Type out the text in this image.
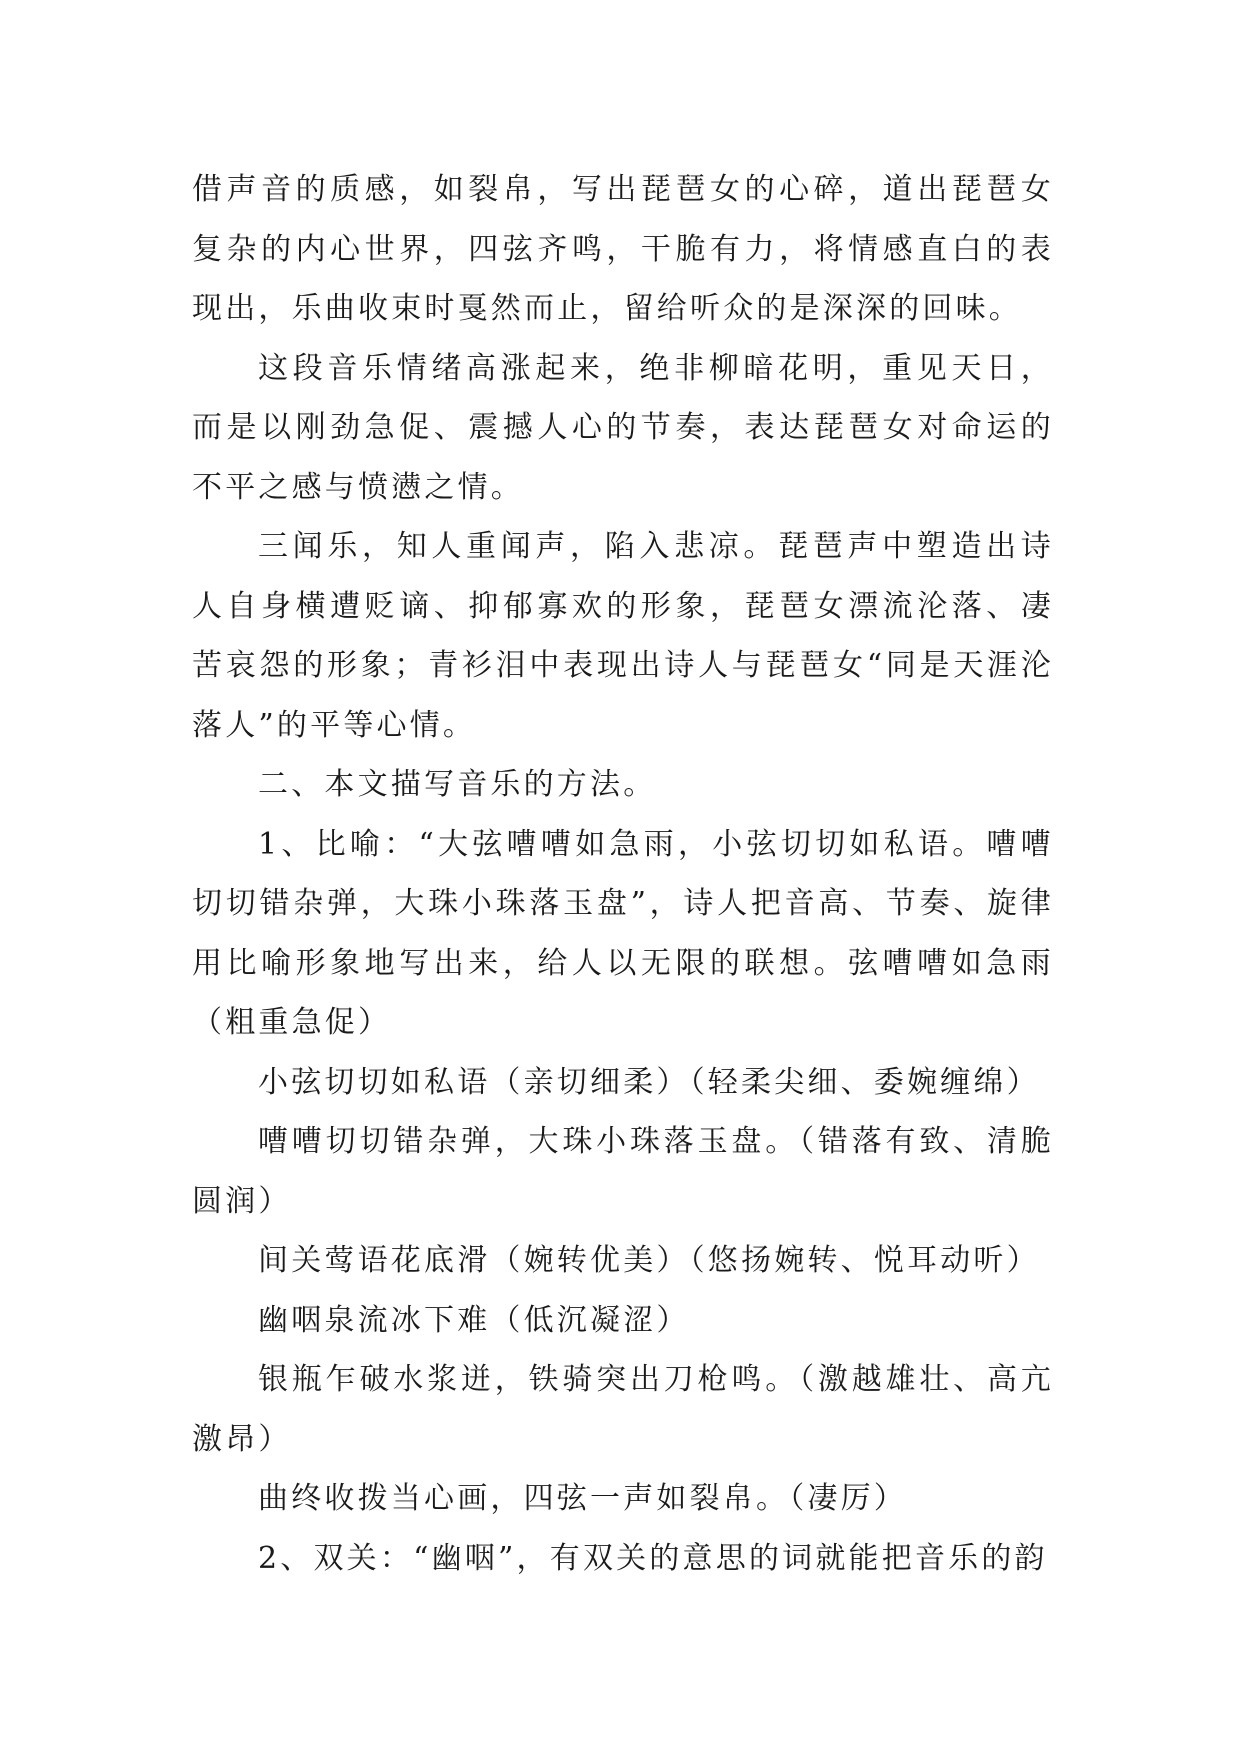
借声音的质感，如裂帛，写出琵琶女的心碎，道出琵琶女复杂的内心世界，四弦齐鸣，干脆有力，将情感直白的表现出，乐曲收束时戛然而止，留给听众的是深深的回味。

这段音乐情绪高涨起来，绝非柳暗花明，重见天日，而是以刚劲急促、震撼人心的节奏，表达琵琶女对命运的不平之感与愤懑之情。

三闻乐，知人重闻声，陷入悲凉。琵琶声中塑造出诗人自身横遭贬谪、抑郁寡欢的形象，琵琶女漂流沦落、凄苦哀怨的形象；青衫泪中表现出诗人与琵琶女“同是天涯沦落人”的平等心情。

二、本文描写音乐的方法。

1、比喻：“大弦嘈嘈如急雨，小弦切切如私语。嘈嘈切切错杂弹，大珠小珠落玉盘”，诗人把音高、节奏、旋律用比喻形象地写出来，给人以无限的联想。弦嘈嘈如急雨（粗重急促）

小弦切切如私语（亲切细柔）（轻柔尖细、委婉缠绵）

嘈嘈切切错杂弹，大珠小珠落玉盘。（错落有致、清脆圆润）

间关莺语花底滑（婉转优美）（悠扬婉转、悦耳动听）

幽咽泉流冰下难（低沉凝涩）

银瓶乍破水浆迸，铁骑突出刀枪鸣。（激越雄壮、高亢激昂）

曲终收拨当心画，四弦一声如裂帛。（凄厉）

2、双关：“幽咽”，有双关的意思的词就能把音乐的韵
